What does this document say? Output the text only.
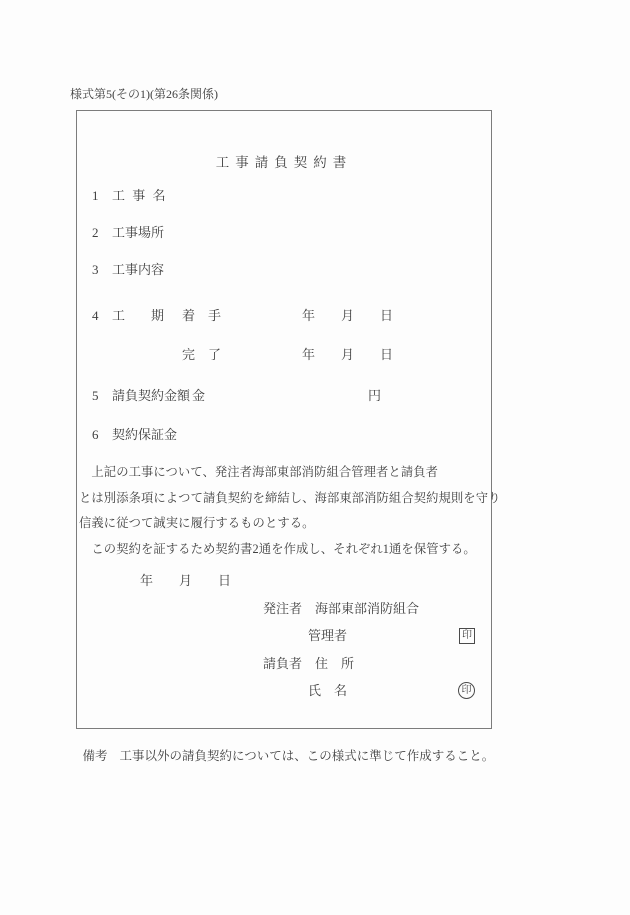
様式第5(その1)(第26条関係)
工事請負契約書
1 工 事 名
2 工事場所
3 工事内容
4 工　　期 着　手	年　　月　　日
完　了	年　　月　　日
5 請負契約金額 金	円
6 契約保証金
　上記の工事について、発注者海部東部消防組合管理者と請負者
とは別添条項によつて請負契約を締結し、海部東部消防組合契約規則を守り
信義に従つて誠実に履行するものとする。
　この契約を証するため契約書2通を作成し、それぞれ1通を保管する。
年　　月　　日
発注者　海部東部消防組合
管理者	印
請負者　住　所
氏　名	印

備考 工事以外の請負契約については、この様式に準じて作成すること。
